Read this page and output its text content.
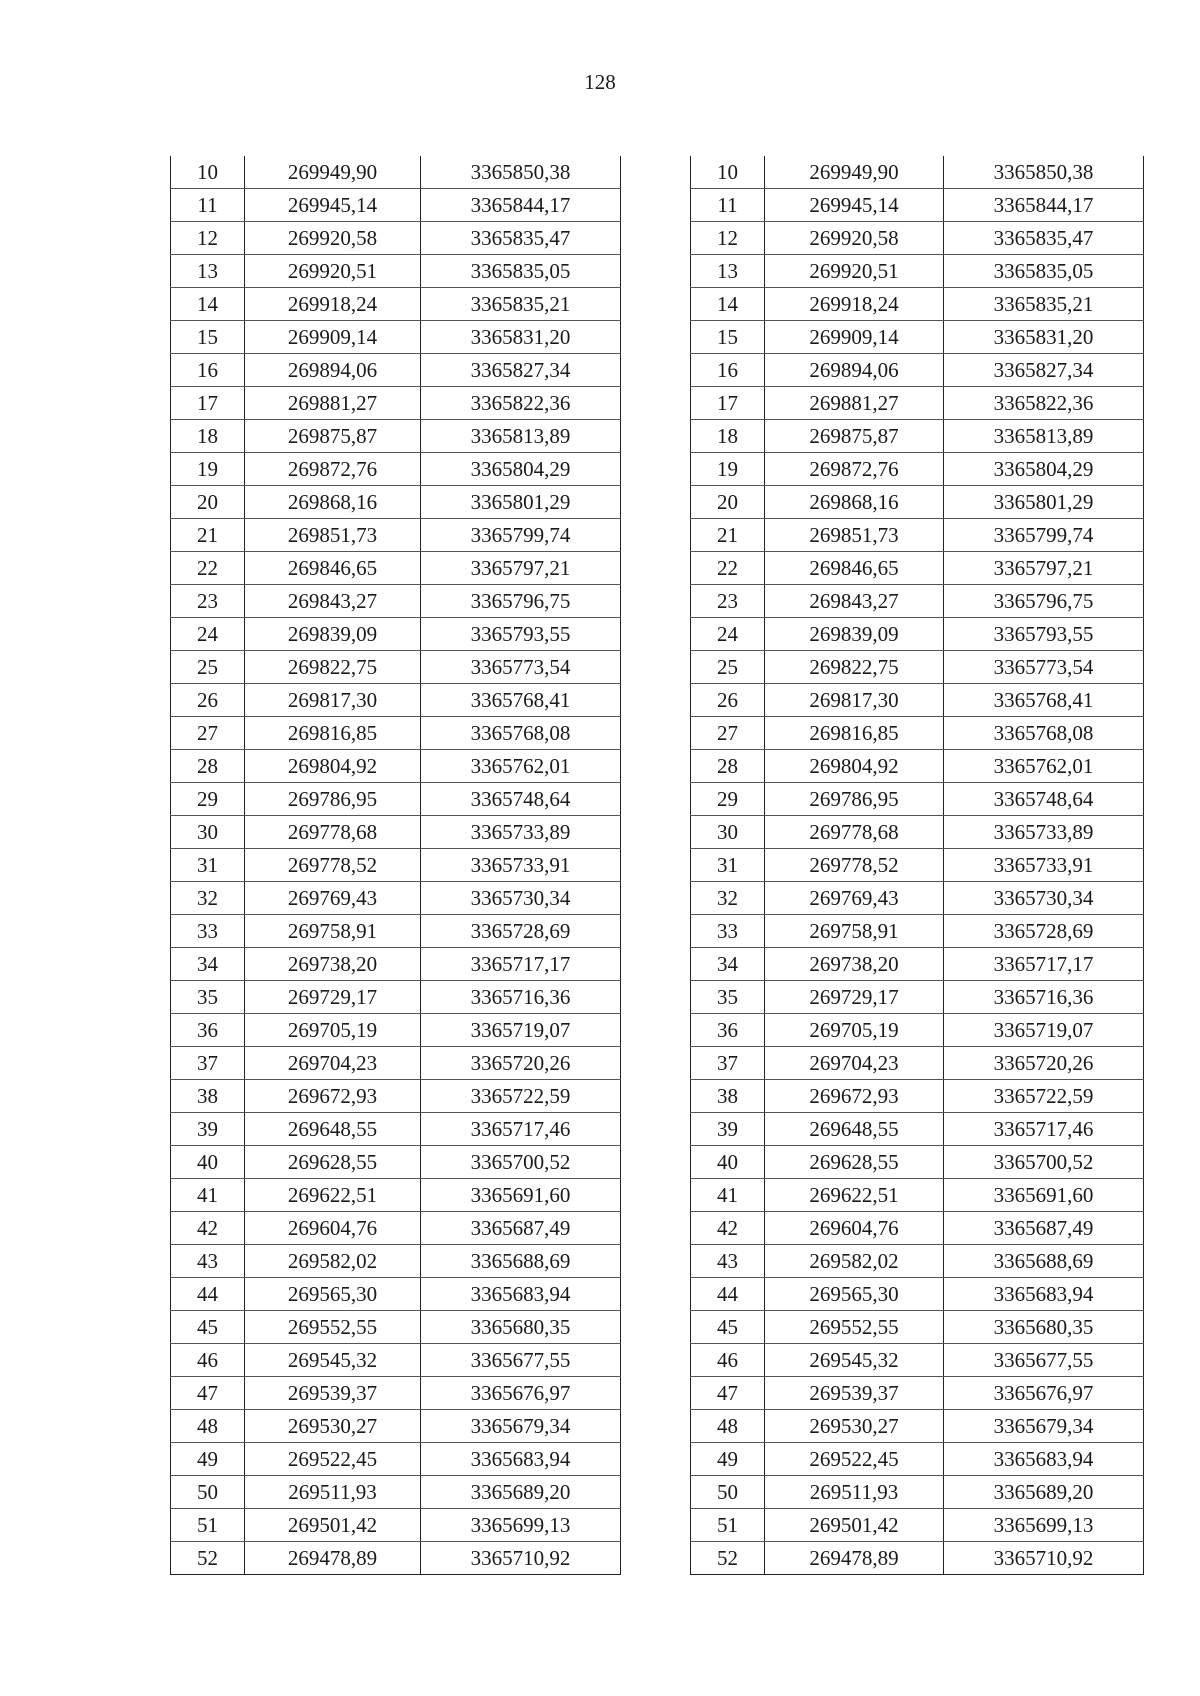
128
10	269949,90	3365850,38
11	269945,14	3365844,17
12	269920,58	3365835,47
13	269920,51	3365835,05
14	269918,24	3365835,21
15	269909,14	3365831,20
16	269894,06	3365827,34
17	269881,27	3365822,36
18	269875,87	3365813,89
19	269872,76	3365804,29
20	269868,16	3365801,29
21	269851,73	3365799,74
22	269846,65	3365797,21
23	269843,27	3365796,75
24	269839,09	3365793,55
25	269822,75	3365773,54
26	269817,30	3365768,41
27	269816,85	3365768,08
28	269804,92	3365762,01
29	269786,95	3365748,64
30	269778,68	3365733,89
31	269778,52	3365733,91
32	269769,43	3365730,34
33	269758,91	3365728,69
34	269738,20	3365717,17
35	269729,17	3365716,36
36	269705,19	3365719,07
37	269704,23	3365720,26
38	269672,93	3365722,59
39	269648,55	3365717,46
40	269628,55	3365700,52
41	269622,51	3365691,60
42	269604,76	3365687,49
43	269582,02	3365688,69
44	269565,30	3365683,94
45	269552,55	3365680,35
46	269545,32	3365677,55
47	269539,37	3365676,97
48	269530,27	3365679,34
49	269522,45	3365683,94
50	269511,93	3365689,20
51	269501,42	3365699,13
52	269478,89	3365710,92
10	269949,90	3365850,38
11	269945,14	3365844,17
12	269920,58	3365835,47
13	269920,51	3365835,05
14	269918,24	3365835,21
15	269909,14	3365831,20
16	269894,06	3365827,34
17	269881,27	3365822,36
18	269875,87	3365813,89
19	269872,76	3365804,29
20	269868,16	3365801,29
21	269851,73	3365799,74
22	269846,65	3365797,21
23	269843,27	3365796,75
24	269839,09	3365793,55
25	269822,75	3365773,54
26	269817,30	3365768,41
27	269816,85	3365768,08
28	269804,92	3365762,01
29	269786,95	3365748,64
30	269778,68	3365733,89
31	269778,52	3365733,91
32	269769,43	3365730,34
33	269758,91	3365728,69
34	269738,20	3365717,17
35	269729,17	3365716,36
36	269705,19	3365719,07
37	269704,23	3365720,26
38	269672,93	3365722,59
39	269648,55	3365717,46
40	269628,55	3365700,52
41	269622,51	3365691,60
42	269604,76	3365687,49
43	269582,02	3365688,69
44	269565,30	3365683,94
45	269552,55	3365680,35
46	269545,32	3365677,55
47	269539,37	3365676,97
48	269530,27	3365679,34
49	269522,45	3365683,94
50	269511,93	3365689,20
51	269501,42	3365699,13
52	269478,89	3365710,92
